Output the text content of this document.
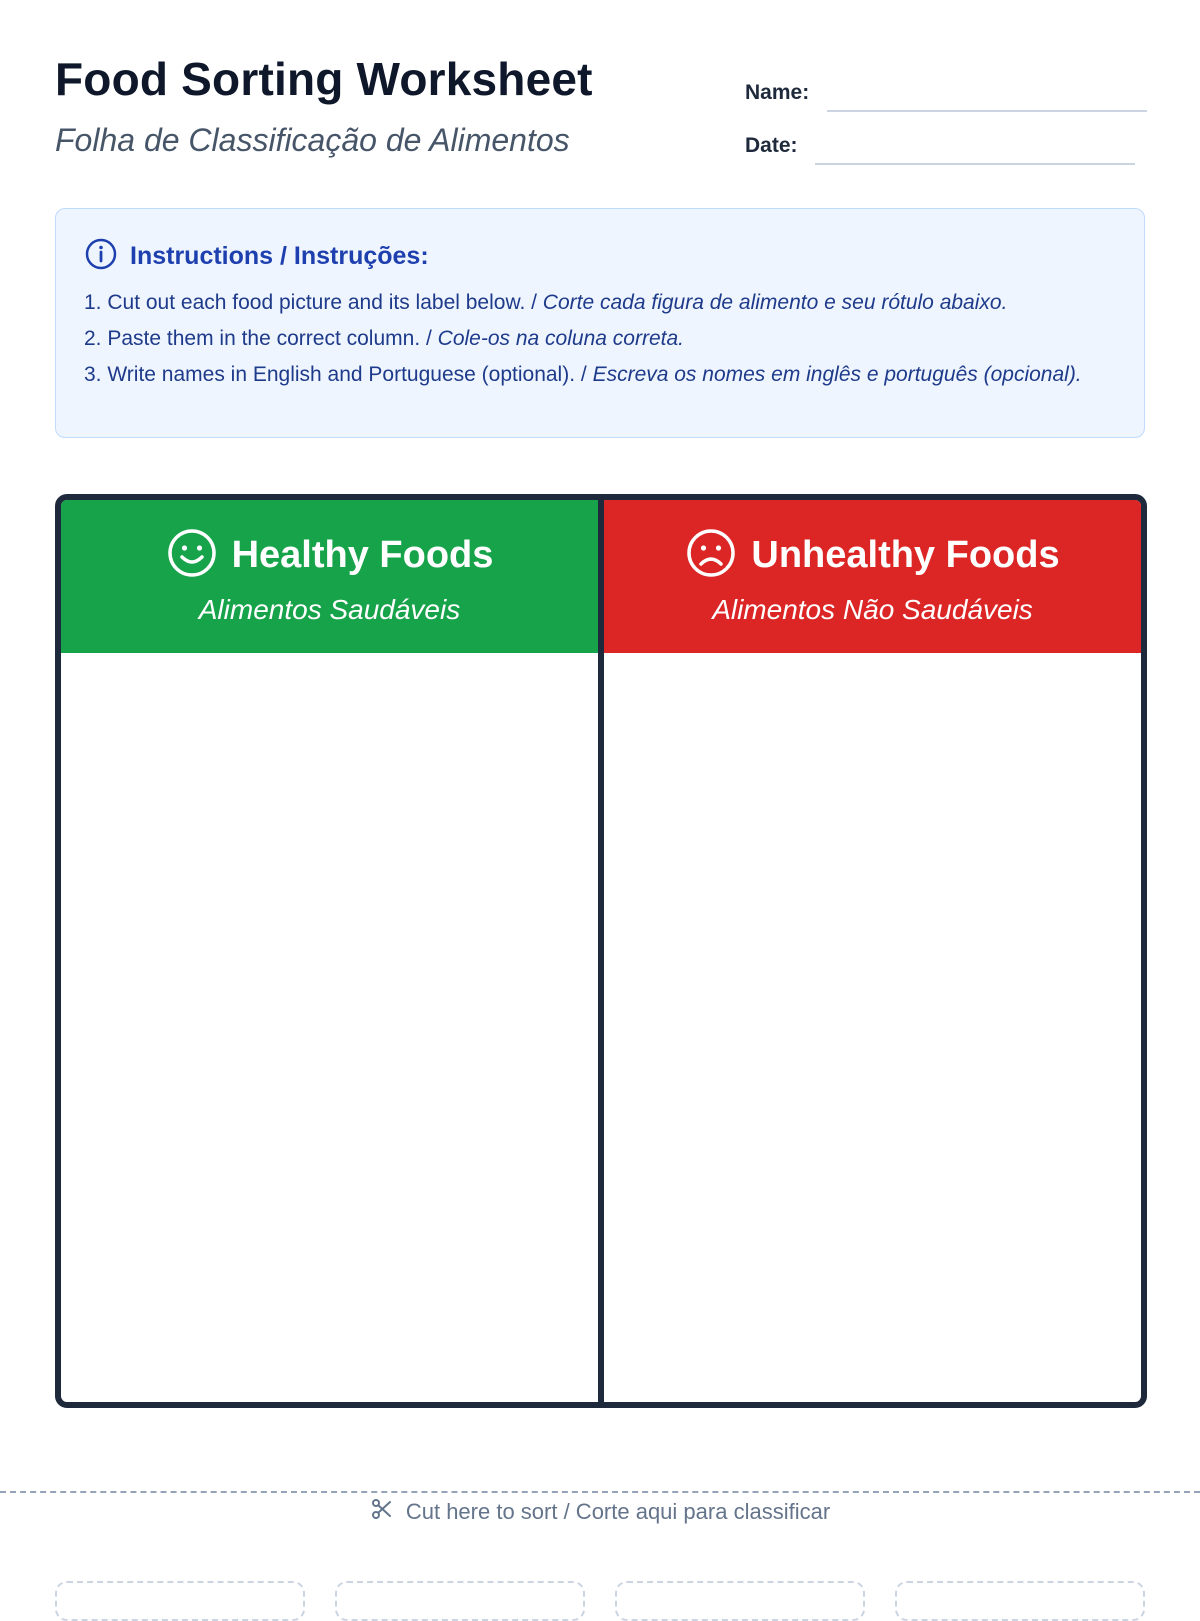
Food Sorting Worksheet

Folha de Classificação de Alimentos

Name:
Date:
Instructions / Instruções:
1. Cut out each food picture and its label below. / Corte cada figura de alimento e seu rótulo abaixo.
2. Paste them in the correct column. / Cole-os na coluna correta.
3. Write names in English and Portuguese (optional). / Escreva os nomes em inglês e português (opcional).
Healthy Foods
Alimentos Saudáveis
Unhealthy Foods
Alimentos Não Saudáveis
Cut here to sort / Corte aqui para classificar
